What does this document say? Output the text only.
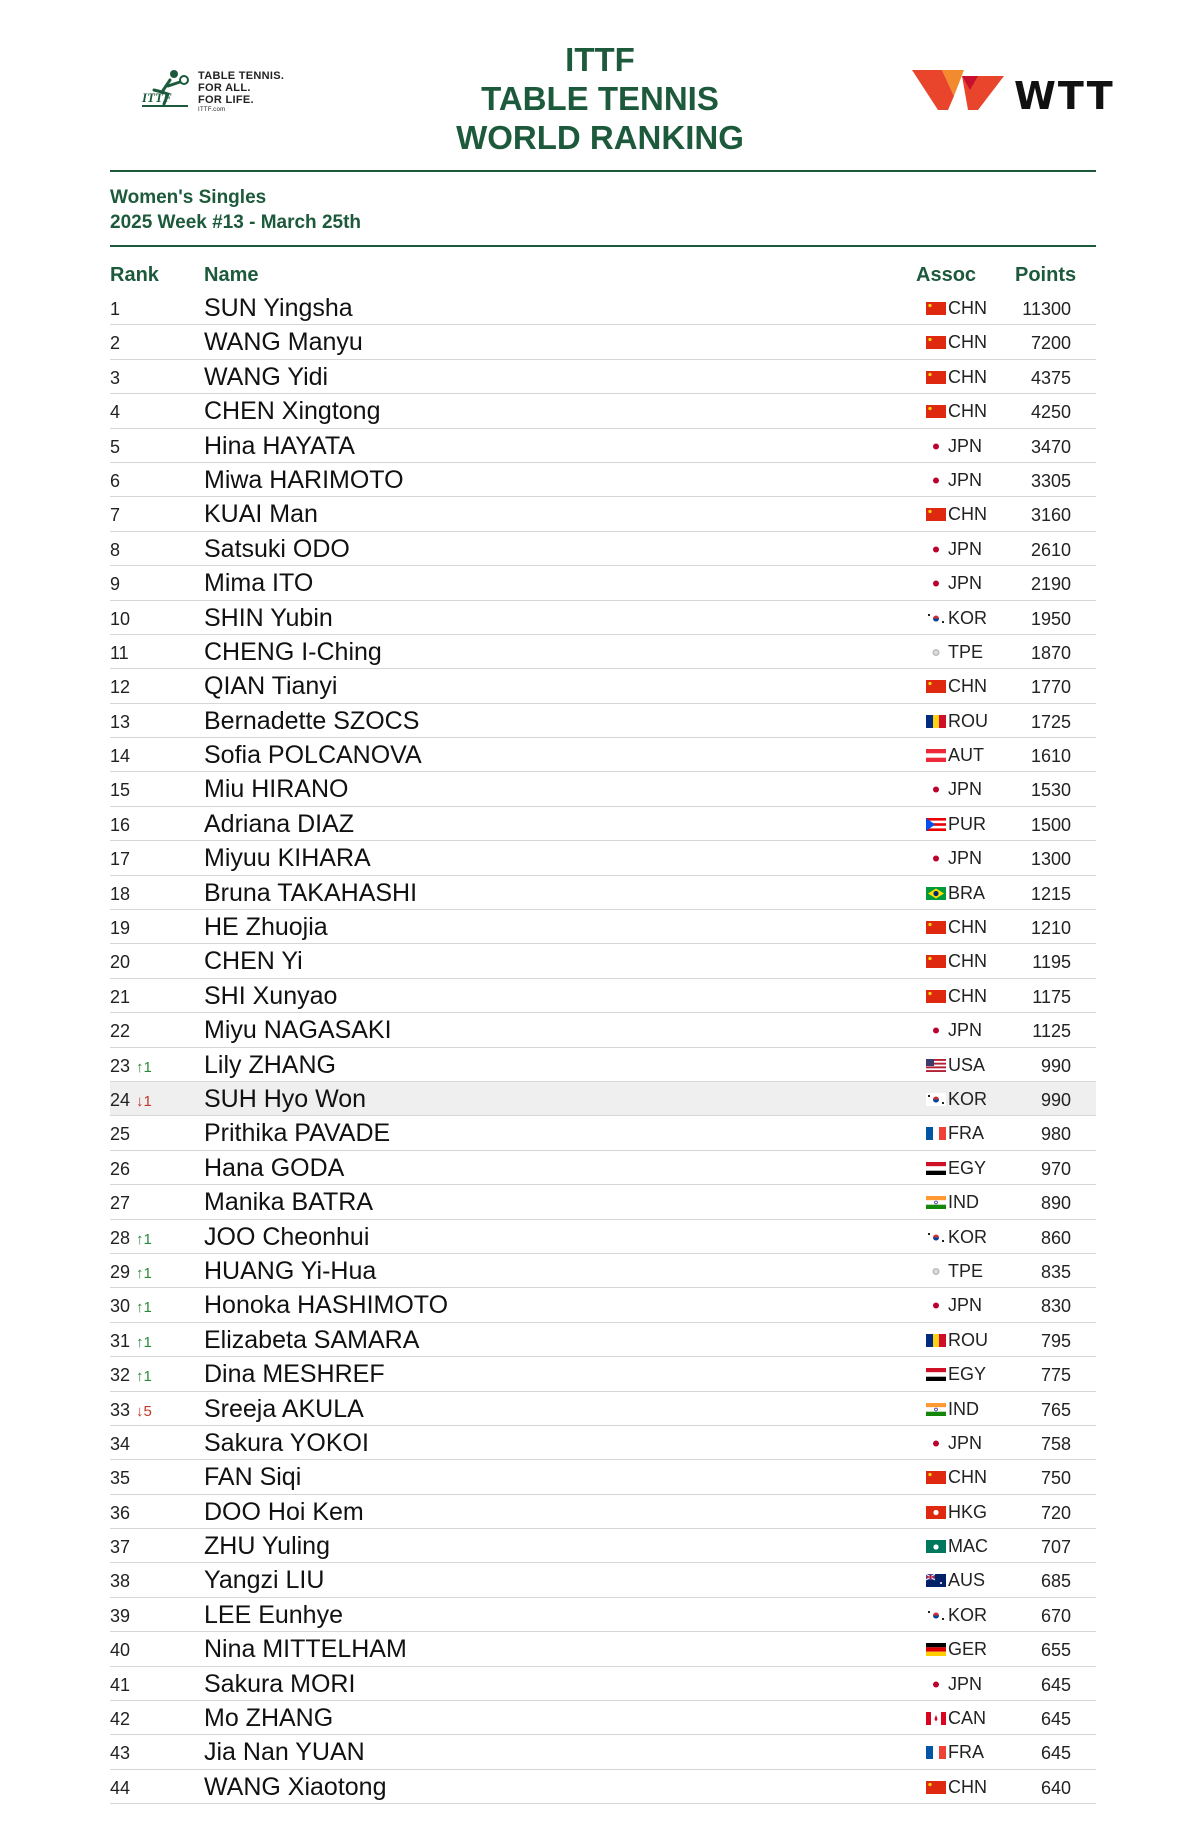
ITTF
TABLE TENNIS.
FOR ALL.
FOR LIFE.
ITTF.com
ITTF
TABLE TENNIS
WORLD RANKING
WTT
Women's Singles
2025 Week #13 - March 25th
Rank Name	Assoc Points
1	SUN Yingsha	CHN 11300
2	WANG Manyu	CHN 7200
3	WANG Yidi	CHN 4375
4	CHEN Xingtong	CHN 4250
5	Hina HAYATA	JPN	3470
6	Miwa HARIMOTO	JPN	3305
7	KUAI Man	CHN 3160
8	Satsuki ODO	JPN	2610
9	Mima ITO	JPN	2190
10	SHIN Yubin	KOR 1950
11	CHENG I-Ching	TPE	1870
12	QIAN Tianyi	CHN 1770
13	Bernadette SZOCS	ROU 1725
14	Sofia POLCANOVA	AUT	1610
15	Miu HIRANO	JPN	1530
16	Adriana DIAZ	PUR 1500
17	Miyuu KIHARA	JPN	1300
18	Bruna TAKAHASHI	BRA	1215
19	HE Zhuojia	CHN 1210
20	CHEN Yi	CHN	1195
21	SHI Xunyao	CHN	1175
22	Miyu NAGASAKI	JPN	1125
23 ↑1 Lily ZHANG	USA	990
24 ↓1 SUH Hyo Won	KOR	990
25	Prithika PAVADE	FRA	980
26	Hana GODA	EGY	970
27	Manika BATRA	IND	890
28 ↑1 JOO Cheonhui	KOR	860
29 ↑1 HUANG Yi-Hua	TPE	835
30 ↑1 Honoka HASHIMOTO	JPN	830
31 ↑1 Elizabeta SAMARA	ROU	795
32 ↑1 Dina MESHREF	EGY	775
33 ↓5 Sreeja AKULA	IND	765
34	Sakura YOKOI	JPN	758
35	FAN Siqi	CHN	750
36	DOO Hoi Kem	HKG	720
37	ZHU Yuling	MAC	707
38	Yangzi LIU	AUS	685
39	LEE Eunhye	KOR	670
40	Nina MITTELHAM	GER	655
41	Sakura MORI	JPN	645
42	Mo ZHANG	CAN	645
43	Jia Nan YUAN	FRA	645
44	WANG Xiaotong	CHN	640
